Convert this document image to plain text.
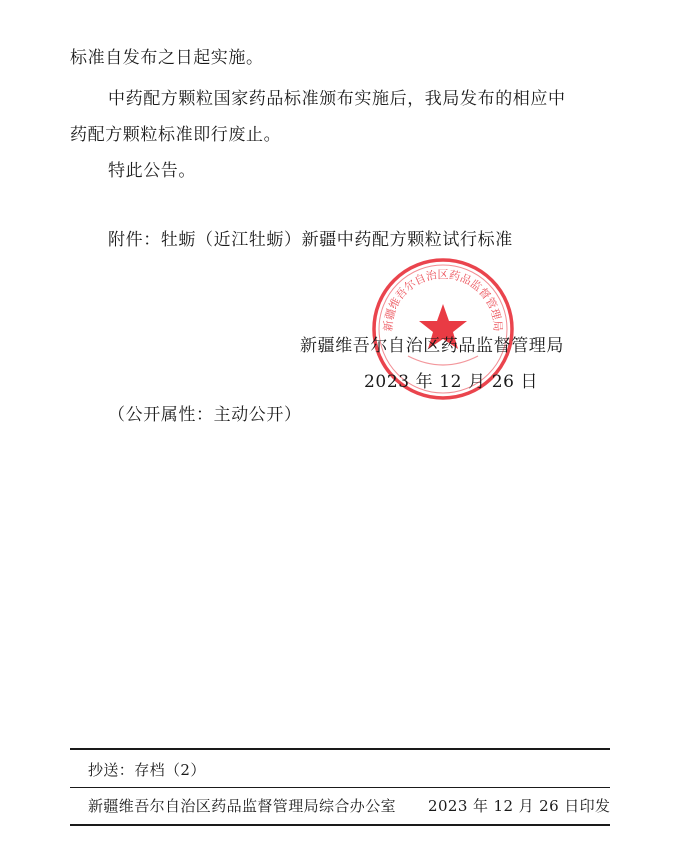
新疆维吾尔自治区药品监督管理局
标准自发布之日起实施。
中药配方颗粒国家药品标准颁布实施后，我局发布的相应中
药配方颗粒标准即行废止。
特此公告。
附件：牡蛎（近江牡蛎）新疆中药配方颗粒试行标准
新疆维吾尔自治区药品监督管理局
2023 年 12 月 26 日
（公开属性：主动公开）
抄送：存档（2）
新疆维吾尔自治区药品监督管理局综合办公室 2023 年 12 月 26 日印发
